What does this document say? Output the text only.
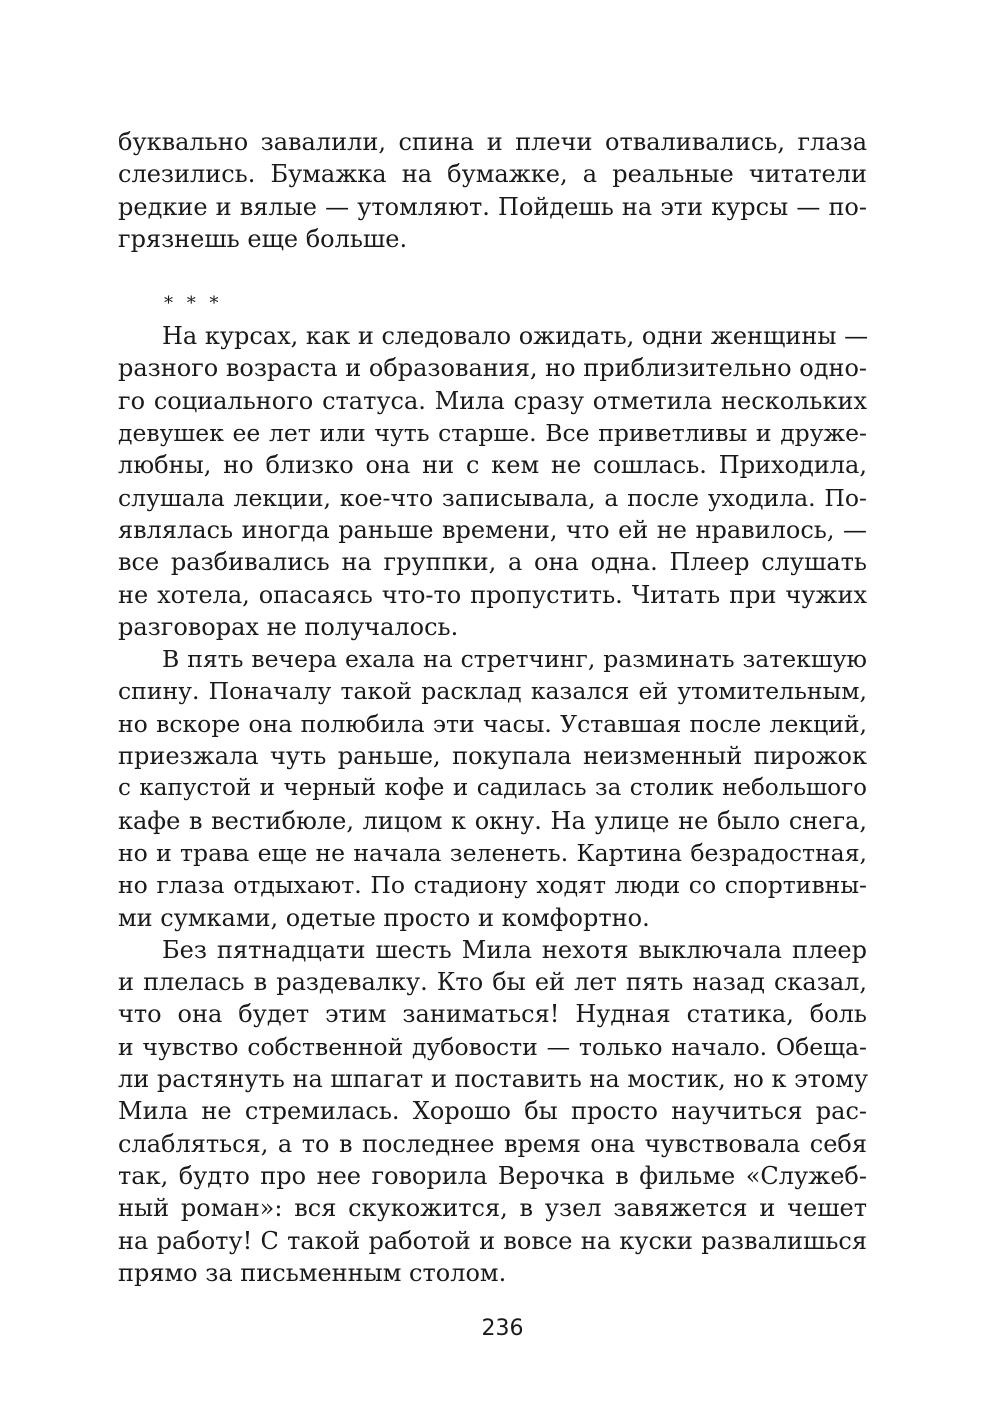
буквально завалили, спина и плечи отваливались, глаза
слезились. Бумажка на бумажке, а реальные читатели
редкие и вялые — утомляют. Пойдешь на эти курсы — по-
грязнешь еще больше.
* * *
На курсах, как и следовало ожидать, одни женщины —
разного возраста и образования, но приблизительно одно-
го социального статуса. Мила сразу отметила нескольких
девушек ее лет или чуть старше. Все приветливы и друже-
любны, но близко она ни с кем не сошлась. Приходила,
слушала лекции, кое-что записывала, а после уходила. По-
являлась иногда раньше времени, что ей не нравилось, —
все разбивались на группки, а она одна. Плеер слушать
не хотела, опасаясь что-то пропустить. Читать при чужих
разговорах не получалось.
В пять вечера ехала на стретчинг, разминать затекшую
спину. Поначалу такой расклад казался ей утомительным,
но вскоре она полюбила эти часы. Уставшая после лекций,
приезжала чуть раньше, покупала неизменный пирожок
с капустой и черный кофе и садилась за столик небольшого
кафе в вестибюле, лицом к окну. На улице не было снега,
но и трава еще не начала зеленеть. Картина безрадостная,
но глаза отдыхают. По стадиону ходят люди со спортивны-
ми сумками, одетые просто и комфортно.
Без пятнадцати шесть Мила нехотя выключала плеер
и плелась в раздевалку. Кто бы ей лет пять назад сказал,
что она будет этим заниматься! Нудная статика, боль
и чувство собственной дубовости — только начало. Обеща-
ли растянуть на шпагат и поставить на мостик, но к этому
Мила не стремилась. Хорошо бы просто научиться рас-
слабляться, а то в последнее время она чувствовала себя
так, будто про нее говорила Верочка в фильме «Служеб-
ный роман»: вся скукожится, в узел завяжется и чешет
на работу! С такой работой и вовсе на куски развалишься
прямо за письменным столом.
236
